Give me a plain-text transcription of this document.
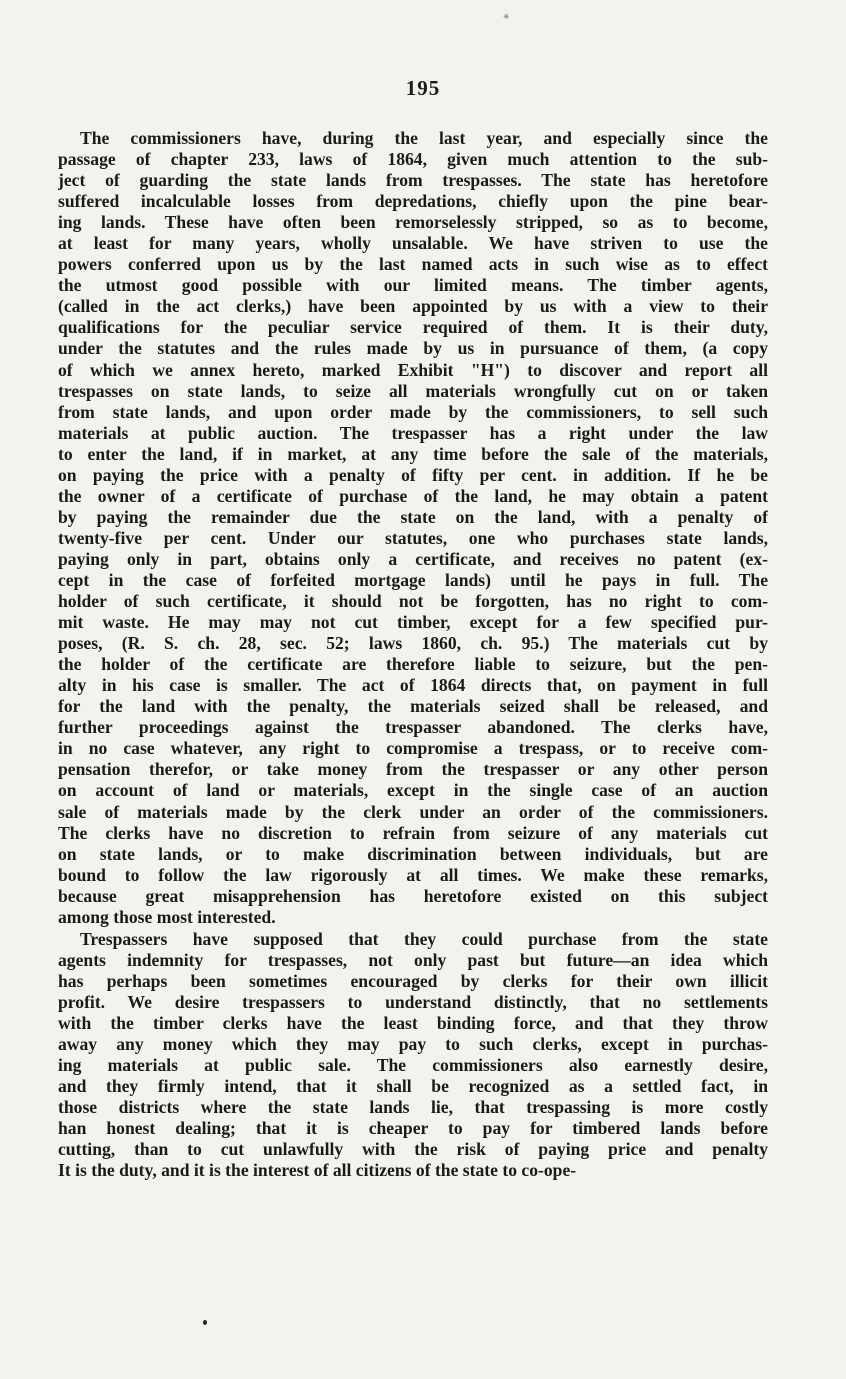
⁕
195
The commissioners have, during the last year, and especially since the
passage of chapter 233, laws of 1864, given much attention to the sub-
ject of guarding the state lands from trespasses. The state has heretofore
suffered incalculable losses from depredations, chiefly upon the pine bear-
ing lands. These have often been remorselessly stripped, so as to become,
at least for many years, wholly unsalable. We have striven to use the
powers conferred upon us by the last named acts in such wise as to effect
the utmost good possible with our limited means. The timber agents,
(called in the act clerks,) have been appointed by us with a view to their
qualifications for the peculiar service required of them. It is their duty,
under the statutes and the rules made by us in pursuance of them, (a copy
of which we annex hereto, marked Exhibit "H") to discover and report all
trespasses on state lands, to seize all materials wrongfully cut on or taken
from state lands, and upon order made by the commissioners, to sell such
materials at public auction. The trespasser has a right under the law
to enter the land, if in market, at any time before the sale of the materials,
on paying the price with a penalty of fifty per cent. in addition. If he be
the owner of a certificate of purchase of the land, he may obtain a patent
by paying the remainder due the state on the land, with a penalty of
twenty-five per cent. Under our statutes, one who purchases state lands,
paying only in part, obtains only a certificate, and receives no patent (ex-
cept in the case of forfeited mortgage lands) until he pays in full. The
holder of such certificate, it should not be forgotten, has no right to com-
mit waste. He may may not cut timber, except for a few specified pur-
poses, (R. S. ch. 28, sec. 52; laws 1860, ch. 95.) The materials cut by
the holder of the certificate are therefore liable to seizure, but the pen-
alty in his case is smaller. The act of 1864 directs that, on payment in full
for the land with the penalty, the materials seized shall be released, and
further proceedings against the trespasser abandoned. The clerks have,
in no case whatever, any right to compromise a trespass, or to receive com-
pensation therefor, or take money from the trespasser or any other person
on account of land or materials, except in the single case of an auction
sale of materials made by the clerk under an order of the commissioners.
The clerks have no discretion to refrain from seizure of any materials cut
on state lands, or to make discrimination between individuals, but are
bound to follow the law rigorously at all times. We make these remarks,
because great misapprehension has heretofore existed on this subject
among those most interested.
Trespassers have supposed that they could purchase from the state
agents indemnity for trespasses, not only past but future—an idea which
has perhaps been sometimes encouraged by clerks for their own illicit
profit. We desire trespassers to understand distinctly, that no settlements
with the timber clerks have the least binding force, and that they throw
away any money which they may pay to such clerks, except in purchas-
ing materials at public sale. The commissioners also earnestly desire,
and they firmly intend, that it shall be recognized as a settled fact, in
those districts where the state lands lie, that trespassing is more costly
han honest dealing; that it is cheaper to pay for timbered lands before
cutting, than to cut unlawfully with the risk of paying price and penalty
It is the duty, and it is the interest of all citizens of the state to co-ope-
